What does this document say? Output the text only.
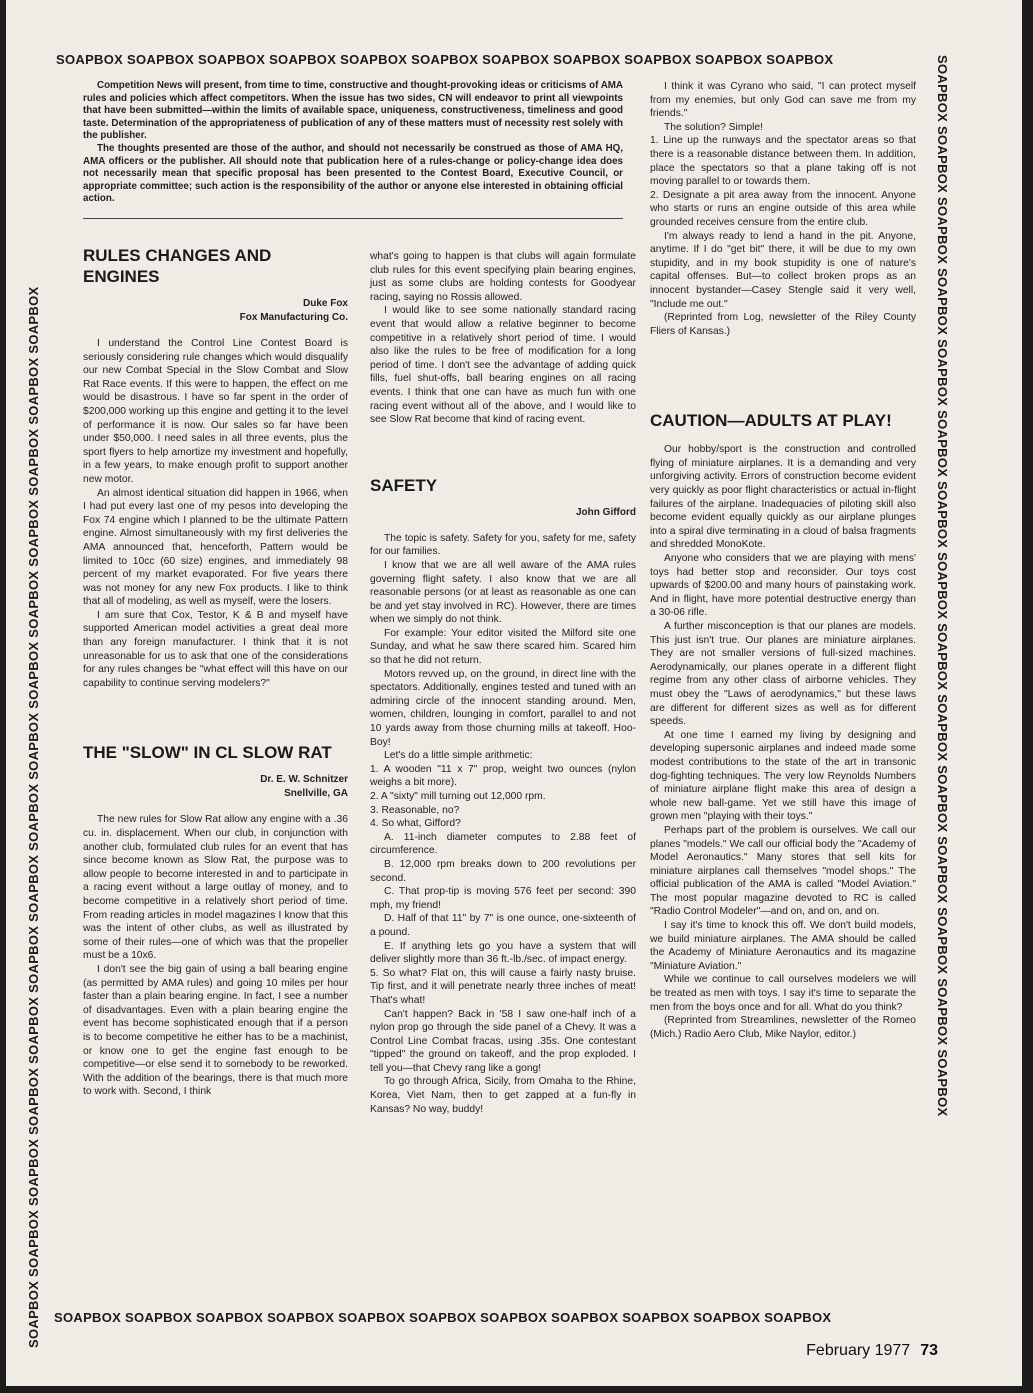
SOAPBOX SOAPBOX SOAPBOX SOAPBOX SOAPBOX SOAPBOX SOAPBOX SOAPBOX SOAPBOX SOAPBOX SOAPBOX
SOAPBOX SOAPBOX SOAPBOX SOAPBOX SOAPBOX SOAPBOX SOAPBOX SOAPBOX SOAPBOX SOAPBOX SOAPBOX SOAPBOX SOAPBOX SOAPBOX SOAPBOX	SOAPBOX SOAPBOX SOAPBOX SOAPBOX SOAPBOX SOAPBOX SOAPBOX SOAPBOX SOAPBOX SOAPBOX SOAPBOX SOAPBOX SOAPBOX SOAPBOX SOAPBOX
SOAPBOX SOAPBOX SOAPBOX SOAPBOX SOAPBOX SOAPBOX SOAPBOX SOAPBOX SOAPBOX SOAPBOX SOAPBOX

Competition News will present, from time to time, constructive and thought-provoking ideas or criticisms of AMA rules and policies which affect competitors. When the issue has two sides, CN will endeavor to print all viewpoints that have been submitted—within the limits of available space, uniqueness, constructiveness, timeliness and good taste. Determination of the appropriateness of publication of any of these matters must of necessity rest solely with the publisher.

The thoughts presented are those of the author, and should not necessarily be construed as those of AMA HQ, AMA officers or the publisher. All should note that publication here of a rules-change or policy-change idea does not necessarily mean that specific proposal has been presented to the Contest Board, Executive Council, or appropriate committee; such action is the responsibility of the author or anyone else interested in obtaining official action.

RULES CHANGES AND ENGINES
Duke Fox
Fox Manufacturing Co.

I understand the Control Line Contest Board is seriously considering rule changes which would disqualify our new Combat Special in the Slow Combat and Slow Rat Race events. If this were to happen, the effect on me would be disastrous. I have so far spent in the order of $200,000 working up this engine and getting it to the level of performance it is now. Our sales so far have been under $50,000. I need sales in all three events, plus the sport flyers to help amortize my investment and hopefully, in a few years, to make enough profit to support another new motor.

An almost identical situation did happen in 1966, when I had put every last one of my pesos into developing the Fox 74 engine which I planned to be the ultimate Pattern engine. Almost simultaneously with my first deliveries the AMA announced that, henceforth, Pattern would be limited to 10cc (60 size) engines, and immediately 98 percent of my market evaporated. For five years there was not money for any new Fox products. I like to think that all of modeling, as well as myself, were the losers.

I am sure that Cox, Testor, K & B and myself have supported American model activities a great deal more than any foreign manufacturer. I think that it is not unreasonable for us to ask that one of the considerations for any rules changes be "what effect will this have on our capability to continue serving modelers?"

THE "SLOW" IN CL SLOW RAT
Dr. E. W. Schnitzer
Snellville, GA

The new rules for Slow Rat allow any engine with a .36 cu. in. displacement. When our club, in conjunction with another club, formulated club rules for an event that has since become known as Slow Rat, the purpose was to allow people to become interested in and to participate in a racing event without a large outlay of money, and to become competitive in a relatively short period of time. From reading articles in model magazines I know that this was the intent of other clubs, as well as illustrated by some of their rules—one of which was that the propeller must be a 10x6.

I don't see the big gain of using a ball bearing engine (as permitted by AMA rules) and going 10 miles per hour faster than a plain bearing engine. In fact, I see a number of disadvantages. Even with a plain bearing engine the event has become sophisticated enough that if a person is to become competitive he either has to be a machinist, or know one to get the engine fast enough to be competitive—or else send it to somebody to be reworked. With the addition of the bearings, there is that much more to work with. Second, I think

what's going to happen is that clubs will again formulate club rules for this event specifying plain bearing engines, just as some clubs are holding contests for Goodyear racing, saying no Rossis allowed.

I would like to see some nationally standard racing event that would allow a relative beginner to become competitive in a relatively short period of time. I would also like the rules to be free of modification for a long period of time. I don't see the advantage of adding quick fills, fuel shut-offs, ball bearing engines on all racing events. I think that one can have as much fun with one racing event without all of the above, and I would like to see Slow Rat become that kind of racing event.

SAFETY
John Gifford

The topic is safety. Safety for you, safety for me, safety for our families.

I know that we are all well aware of the AMA rules governing flight safety. I also know that we are all reasonable persons (or at least as reasonable as one can be and yet stay involved in RC). However, there are times when we simply do not think.

For example: Your editor visited the Milford site one Sunday, and what he saw there scared him. Scared him so that he did not return.

Motors revved up, on the ground, in direct line with the spectators. Additionally, engines tested and tuned with an admiring circle of the innocent standing around. Men, women, children, lounging in comfort, parallel to and not 10 yards away from those churning mills at takeoff. Hoo-Boy!

Let's do a little simple arithmetic:

1. A wooden "11 x 7" prop, weight two ounces (nylon weighs a bit more).

2. A "sixty" mill turning out 12,000 rpm.

3. Reasonable, no?

4. So what, Gifford?

A. 11-inch diameter computes to 2.88 feet of circumference.

B. 12,000 rpm breaks down to 200 revolutions per second.

C. That prop-tip is moving 576 feet per second: 390 mph, my friend!

D. Half of that 11" by 7" is one ounce, one-sixteenth of a pound.

E. If anything lets go you have a system that will deliver slightly more than 36 ft.-lb./sec. of impact energy.

5. So what? Flat on, this will cause a fairly nasty bruise. Tip first, and it will penetrate nearly three inches of meat! That's what!

Can't happen? Back in '58 I saw one-half inch of a nylon prop go through the side panel of a Chevy. It was a Control Line Combat fracas, using .35s. One contestant "tipped" the ground on takeoff, and the prop exploded. I tell you—that Chevy rang like a gong!

To go through Africa, Sicily, from Omaha to the Rhine, Korea, Viet Nam, then to get zapped at a fun-fly in Kansas? No way, buddy!

I think it was Cyrano who said, "I can protect myself from my enemies, but only God can save me from my friends."

The solution? Simple!

1. Line up the runways and the spectator areas so that there is a reasonable distance between them. In addition, place the spectators so that a plane taking off is not moving parallel to or towards them.

2. Designate a pit area away from the innocent. Anyone who starts or runs an engine outside of this area while grounded receives censure from the entire club.

I'm always ready to lend a hand in the pit. Anyone, anytime. If I do "get bit" there, it will be due to my own stupidity, and in my book stupidity is one of nature's capital offenses. But—to collect broken props as an innocent bystander—Casey Stengle said it very well, "Include me out."

(Reprinted from Log, newsletter of the Riley County Fliers of Kansas.)

CAUTION—ADULTS AT PLAY!

Our hobby/sport is the construction and controlled flying of miniature airplanes. It is a demanding and very unforgiving activity. Errors of construction become evident very quickly as poor flight characteristics or actual in-flight failures of the airplane. Inadequacies of piloting skill also become evident equally quickly as our airplane plunges into a spiral dive terminating in a cloud of balsa fragments and shredded MonoKote.

Anyone who considers that we are playing with mens' toys had better stop and reconsider. Our toys cost upwards of $200.00 and many hours of painstaking work. And in flight, have more potential destructive energy than a 30-06 rifle.

A further misconception is that our planes are models. This just isn't true. Our planes are miniature airplanes. They are not smaller versions of full-sized machines. Aerodynamically, our planes operate in a different flight regime from any other class of airborne vehicles. They must obey the "Laws of aerodynamics," but these laws are different for different sizes as well as for different speeds.

At one time I earned my living by designing and developing supersonic airplanes and indeed made some modest contributions to the state of the art in transonic dog-fighting techniques. The very low Reynolds Numbers of miniature airplane flight make this area of design a whole new ball-game. Yet we still have this image of grown men "playing with their toys."

Perhaps part of the problem is ourselves. We call our planes "models." We call our official body the "Academy of Model Aeronautics." Many stores that sell kits for miniature airplanes call themselves "model shops." The official publication of the AMA is called "Model Aviation." The most popular magazine devoted to RC is called "Radio Control Modeler"—and on, and on, and on.

I say it's time to knock this off. We don't build models, we build miniature airplanes. The AMA should be called the Academy of Miniature Aeronautics and its magazine "Miniature Aviation."

While we continue to call ourselves modelers we will be treated as men with toys. I say it's time to separate the men from the boys once and for all. What do you think?

(Reprinted from Streamlines, newsletter of the Romeo (Mich.) Radio Aero Club, Mike Naylor, editor.)

February 1977 73
